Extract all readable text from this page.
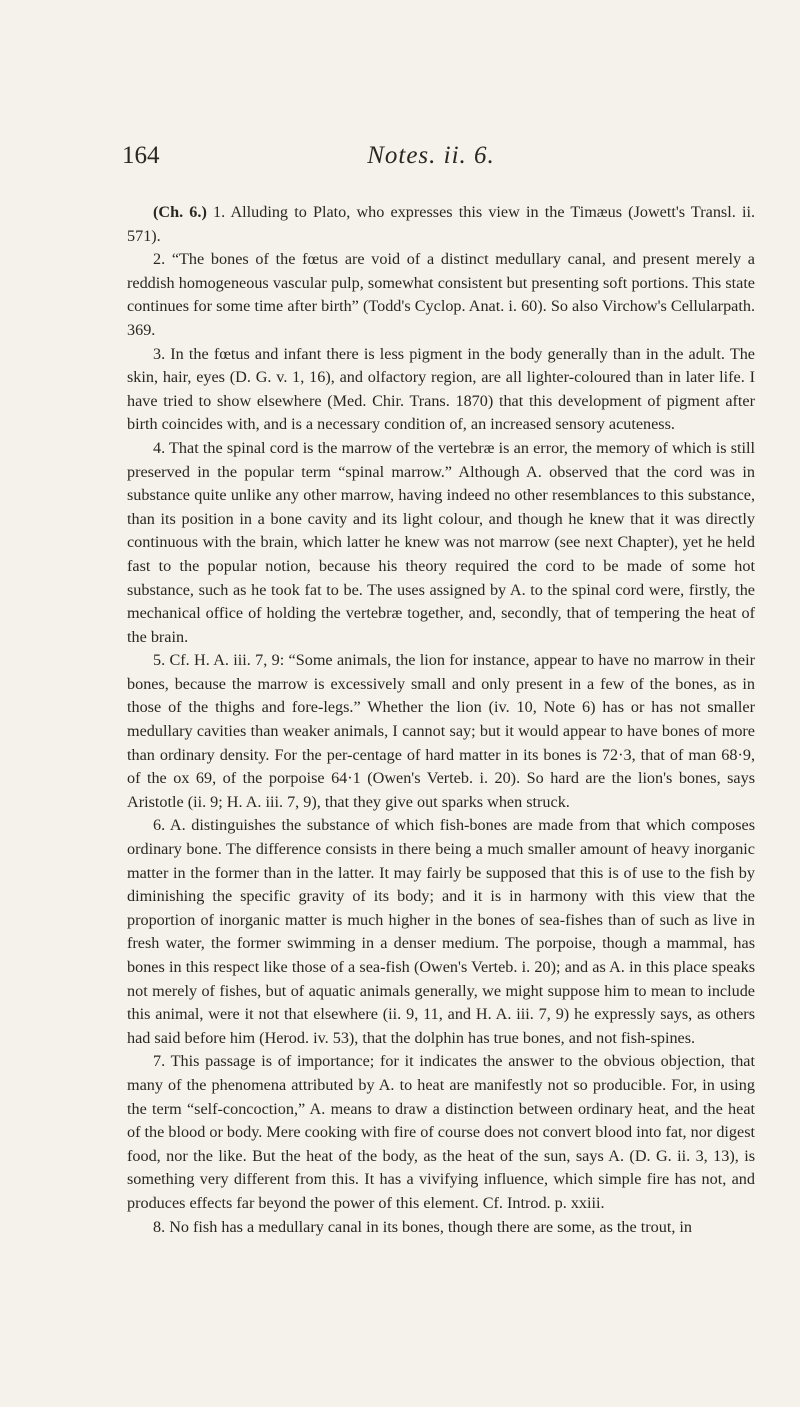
164	Notes. ii. 6.

(Ch. 6.) 1. Alluding to Plato, who expresses this view in the Timæus (Jowett's Transl. ii. 571).

2. “The bones of the fœtus are void of a distinct medullary canal, and present merely a reddish homogeneous vascular pulp, somewhat consistent but presenting soft portions. This state continues for some time after birth” (Todd's Cyclop. Anat. i. 60). So also Virchow's Cellularpath. 369.

3. In the fœtus and infant there is less pigment in the body generally than in the adult. The skin, hair, eyes (D. G. v. 1, 16), and olfactory region, are all lighter-coloured than in later life. I have tried to show elsewhere (Med. Chir. Trans. 1870) that this development of pigment after birth coincides with, and is a necessary condition of, an increased sensory acuteness.

4. That the spinal cord is the marrow of the vertebræ is an error, the memory of which is still preserved in the popular term “spinal marrow.” Although A. observed that the cord was in substance quite unlike any other marrow, having indeed no other resemblances to this substance, than its position in a bone cavity and its light colour, and though he knew that it was directly continuous with the brain, which latter he knew was not marrow (see next Chapter), yet he held fast to the popular notion, because his theory required the cord to be made of some hot substance, such as he took fat to be. The uses assigned by A. to the spinal cord were, firstly, the mechanical office of holding the vertebræ together, and, secondly, that of tempering the heat of the brain.

5. Cf. H. A. iii. 7, 9: “Some animals, the lion for instance, appear to have no marrow in their bones, because the marrow is excessively small and only present in a few of the bones, as in those of the thighs and fore-legs.” Whether the lion (iv. 10, Note 6) has or has not smaller medullary cavities than weaker animals, I cannot say; but it would appear to have bones of more than ordinary density. For the per-centage of hard matter in its bones is 72·3, that of man 68·9, of the ox 69, of the porpoise 64·1 (Owen's Verteb. i. 20). So hard are the lion's bones, says Aristotle (ii. 9; H. A. iii. 7, 9), that they give out sparks when struck.

6. A. distinguishes the substance of which fish-bones are made from that which composes ordinary bone. The difference consists in there being a much smaller amount of heavy inorganic matter in the former than in the latter. It may fairly be supposed that this is of use to the fish by diminishing the specific gravity of its body; and it is in harmony with this view that the proportion of inorganic matter is much higher in the bones of sea-fishes than of such as live in fresh water, the former swimming in a denser medium. The porpoise, though a mammal, has bones in this respect like those of a sea-fish (Owen's Verteb. i. 20); and as A. in this place speaks not merely of fishes, but of aquatic animals generally, we might suppose him to mean to include this animal, were it not that elsewhere (ii. 9, 11, and H. A. iii. 7, 9) he expressly says, as others had said before him (Herod. iv. 53), that the dolphin has true bones, and not fish-spines.

7. This passage is of importance; for it indicates the answer to the obvious objection, that many of the phenomena attributed by A. to heat are manifestly not so producible. For, in using the term “self-concoction,” A. means to draw a distinction between ordinary heat, and the heat of the blood or body. Mere cooking with fire of course does not convert blood into fat, nor digest food, nor the like. But the heat of the body, as the heat of the sun, says A. (D. G. ii. 3, 13), is something very different from this. It has a vivifying influence, which simple fire has not, and produces effects far beyond the power of this element. Cf. Introd. p. xxiii.

8. No fish has a medullary canal in its bones, though there are some, as the trout, in
